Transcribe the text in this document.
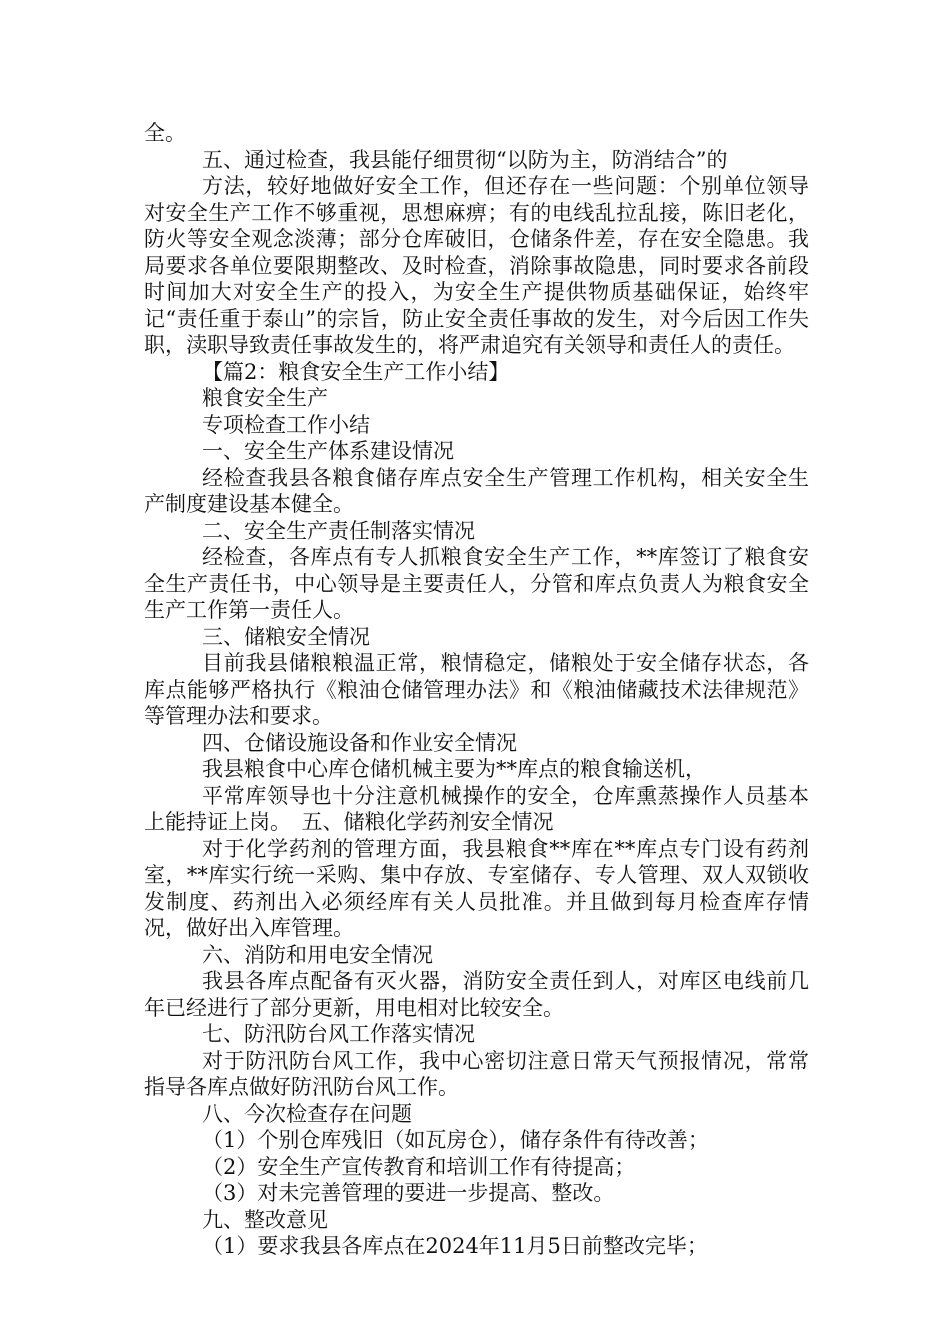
全。

五、通过检查，我县能仔细贯彻“以防为主，防消结合”的

方法，较好地做好安全工作，但还存在一些问题：个别单位领导对安全生产工作不够重视，思想麻痹；有的电线乱拉乱接，陈旧老化，防火等安全观念淡薄；部分仓库破旧，仓储条件差，存在安全隐患。我局要求各单位要限期整改、及时检查，消除事故隐患，同时要求各前段时间加大对安全生产的投入，为安全生产提供物质基础保证，始终牢记“责任重于泰山”的宗旨，防止安全责任事故的发生，对今后因工作失职，渎职导致责任事故发生的，将严肃追究有关领导和责任人的责任。

【篇2：粮食安全生产工作小结】

粮食安全生产

专项检查工作小结

一、安全生产体系建设情况

经检查我县各粮食储存库点安全生产管理工作机构，相关安全生产制度建设基本健全。

二、安全生产责任制落实情况

经检查，各库点有专人抓粮食安全生产工作，**库签订了粮食安全生产责任书，中心领导是主要责任人，分管和库点负责人为粮食安全生产工作第一责任人。

三、储粮安全情况

目前我县储粮粮温正常，粮情稳定，储粮处于安全储存状态，各库点能够严格执行《粮油仓储管理办法》和《粮油储藏技术法律规范》等管理办法和要求。

四、仓储设施设备和作业安全情况

我县粮食中心库仓储机械主要为**库点的粮食输送机，

平常库领导也十分注意机械操作的安全，仓库熏蒸操作人员基本上能持证上岗。　五、储粮化学药剂安全情况

对于化学药剂的管理方面，我县粮食**库在**库点专门设有药剂室，**库实行统一采购、集中存放、专室储存、专人管理、双人双锁收发制度、药剂出入必须经库有关人员批准。并且做到每月检查库存情况，做好出入库管理。

六、消防和用电安全情况

我县各库点配备有灭火器，消防安全责任到人，对库区电线前几年已经进行了部分更新，用电相对比较安全。

七、防汛防台风工作落实情况

对于防汛防台风工作，我中心密切注意日常天气预报情况，常常指导各库点做好防汛防台风工作。

八、今次检查存在问题

（1）个别仓库残旧（如瓦房仓），储存条件有待改善；

（2）安全生产宣传教育和培训工作有待提高；

（3）对未完善管理的要进一步提高、整改。

九、整改意见

（1）要求我县各库点在2024年11月5日前整改完毕；
